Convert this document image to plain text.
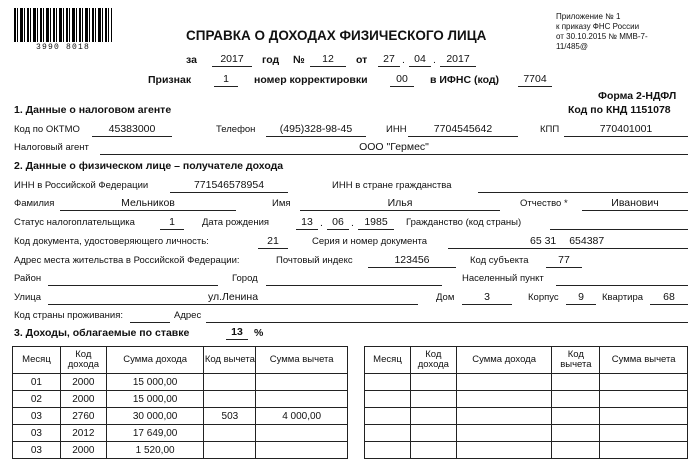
3990 8018
Приложение № 1
к приказу ФНС России
от 30.10.2015 № ММВ-7-
11/485@
СПРАВКА О ДОХОДАХ ФИЗИЧЕСКОГО ЛИЦА
за	2017	год №	12	от	27 . 04 . 2017
Признак	1	номер корректировки	00	в ИФНС (код)	7704
Форма 2-НДФЛ
Код по КНД 1151078
1. Данные о налоговом агенте
Код по ОКТМО	45383000	Телефон	(495)328-98-45	ИНН	7704545642	КПП	770401001
Налоговый агент	ООО "Гермес"
2. Данные о физическом лице – получателе дохода
ИНН в Российской Федерации	771546578954	ИНН в стране гражданства
Фамилия	Мельников	Имя	Илья	Отчество *	Иванович
Статус налогоплательщика	1	Дата рождения	13 . 06 . 1985	Гражданство (код страны)
Код документа, удостоверяющего личность:	21	Серия и номер документа	65 31 654387
Адрес места жительства в Российской Федерации:	Почтовый индекс	123456	Код субъекта	77
Район	Город	Населенный пункт
Улица	ул.Ленина	Дом	3	Корпус	9	Квартира	68
Код страны проживания:	Адрес
3. Доходы, облагаемые по ставке	13	%
Месяц	Код дохода	Сумма дохода	Код вычета	Сумма вычета
01	2000	15 000,00		
02	2000	15 000,00		
03	2760	30 000,00	503	4 000,00
03	2012	17 649,00		
03	2000	1 520,00		
Месяц	Код дохода	Сумма дохода	Код вычета	Сумма вычета
